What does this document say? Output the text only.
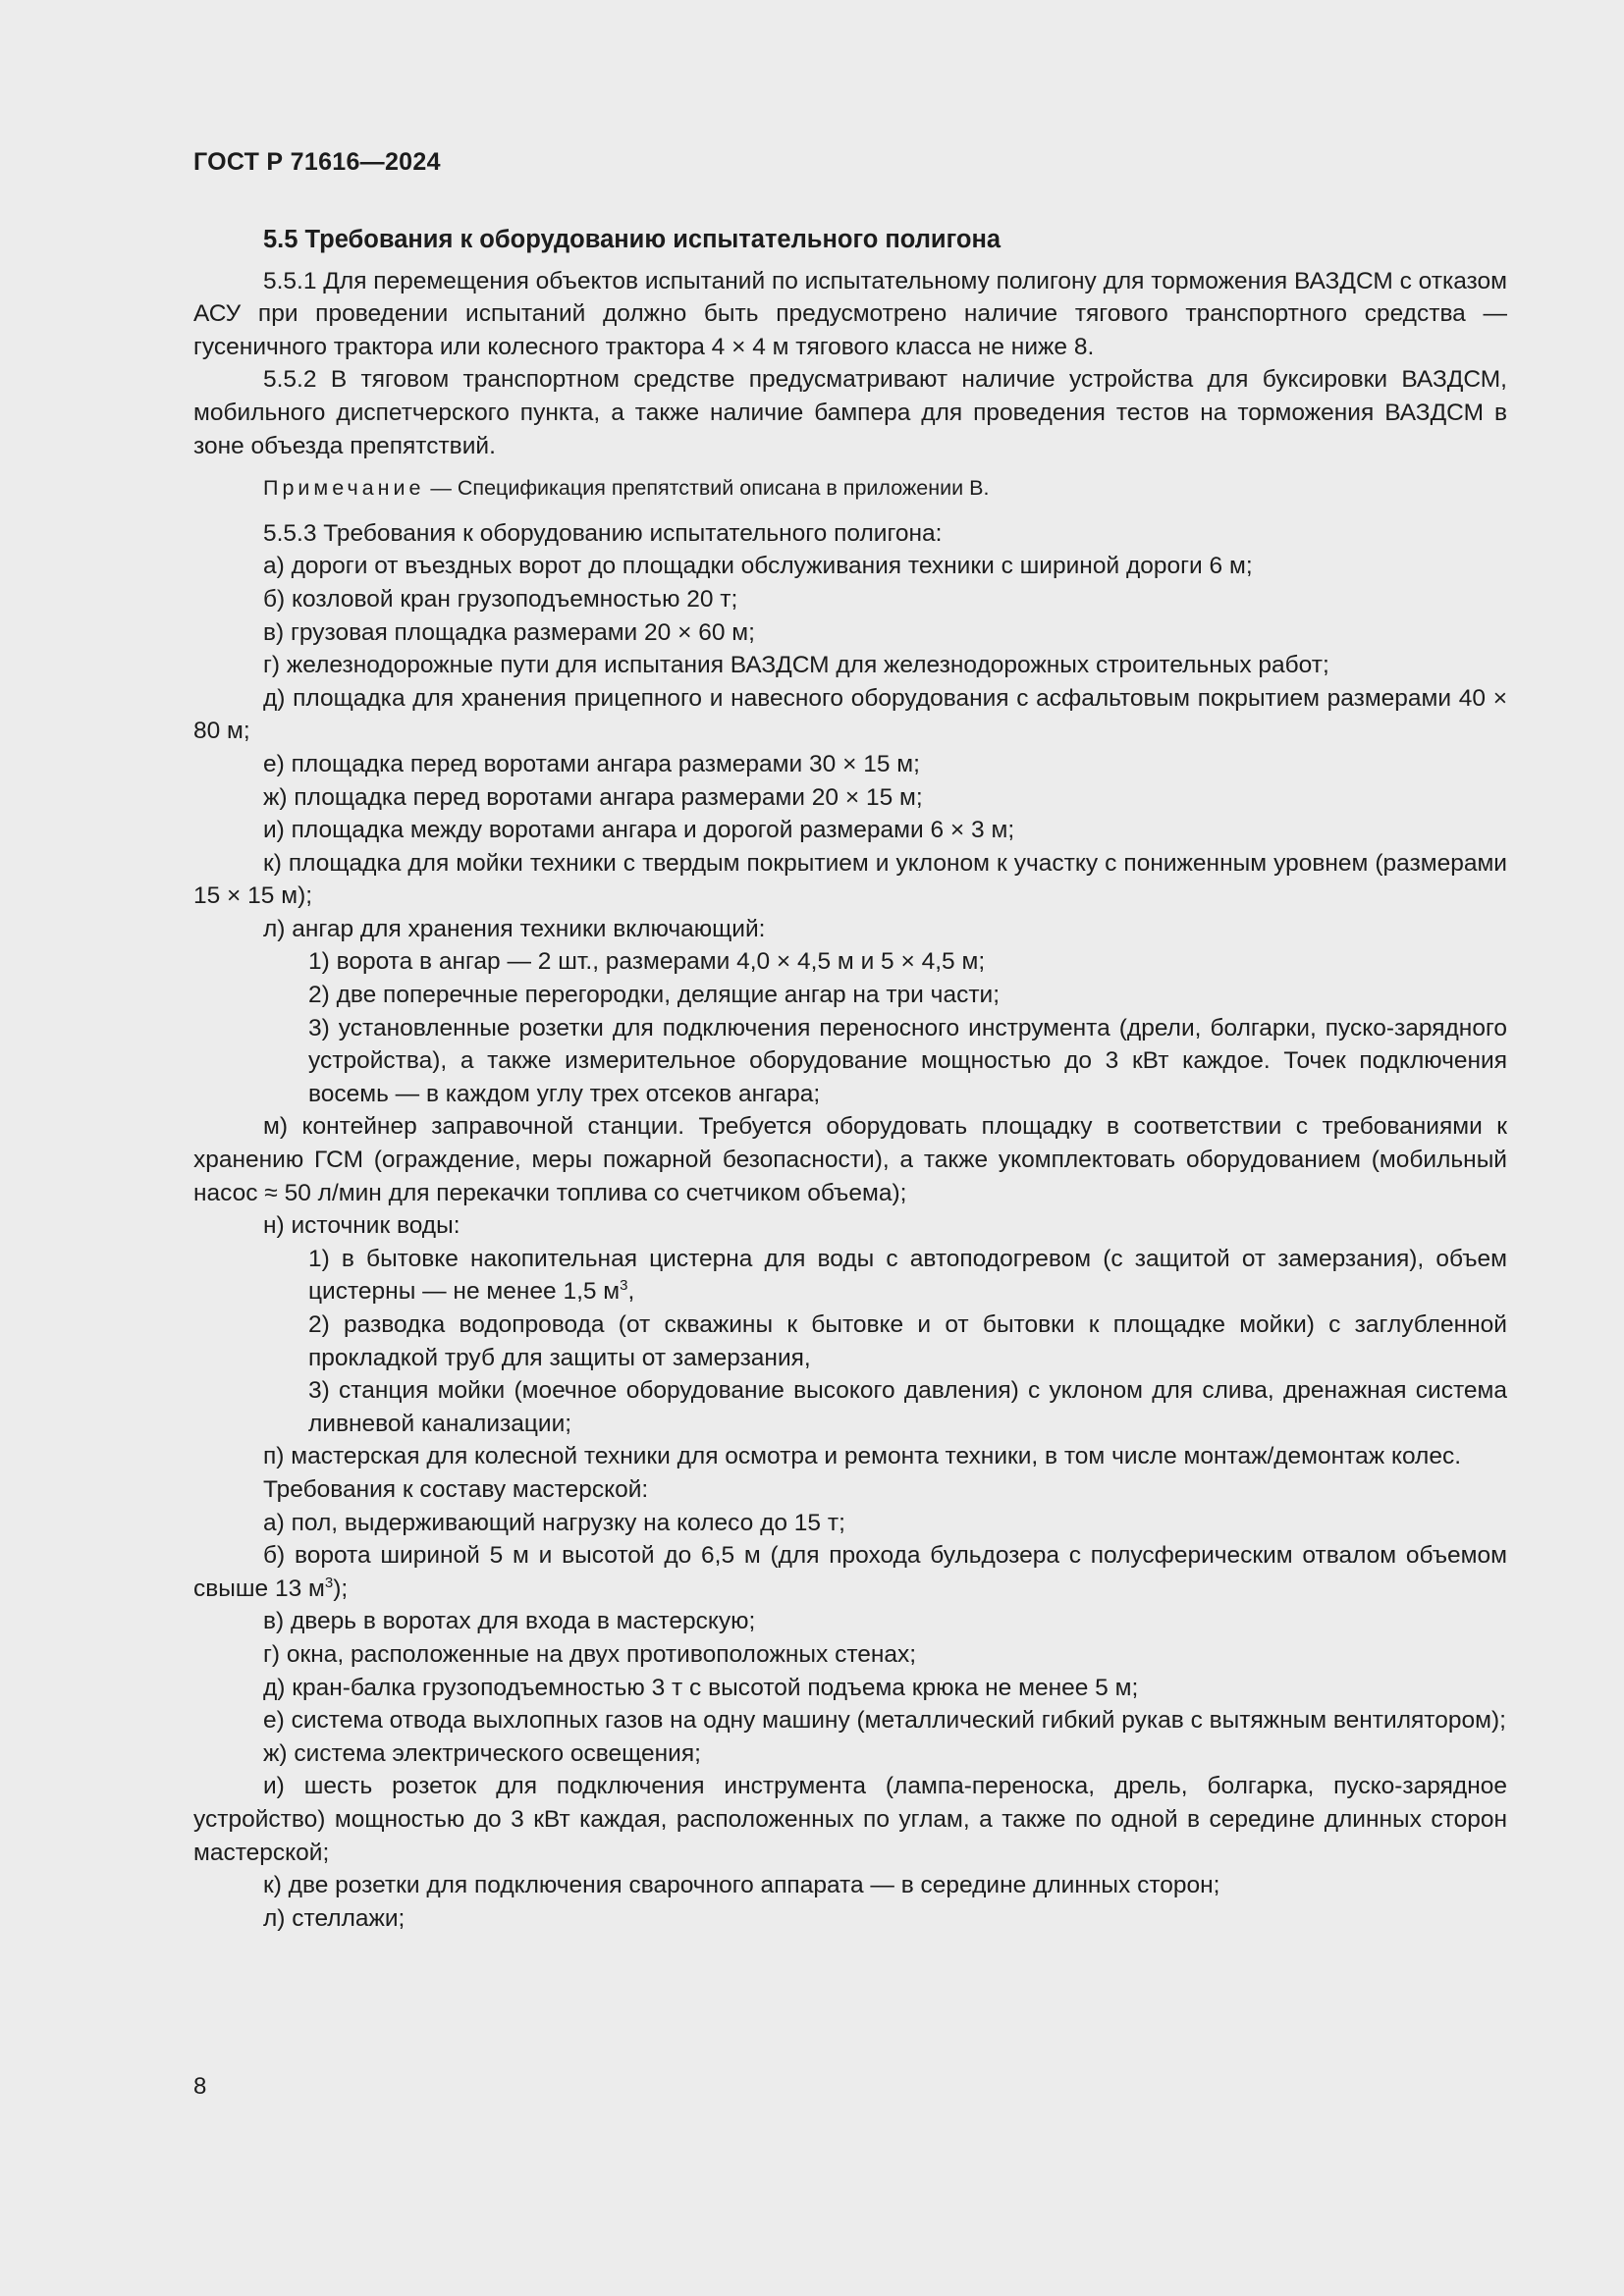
ГОСТ Р 71616—2024

5.5 Требования к оборудованию испытательного полигона

5.5.1 Для перемещения объектов испытаний по испытательному полигону для торможения ВАЗДСМ с отказом АСУ при проведении испытаний должно быть предусмотрено наличие тягового транспортного средства — гусеничного трактора или колесного трактора 4 × 4 м тягового класса не ниже 8.

5.5.2 В тяговом транспортном средстве предусматривают наличие устройства для буксировки ВАЗДСМ, мобильного диспетчерского пункта, а также наличие бампера для проведения тестов на торможения ВАЗДСМ в зоне объезда препятствий.

Примечание — Спецификация препятствий описана в приложении В.

5.5.3 Требования к оборудованию испытательного полигона:

а) дороги от въездных ворот до площадки обслуживания техники с шириной дороги 6 м;

б) козловой кран грузоподъемностью 20 т;

в) грузовая площадка размерами 20 × 60 м;

г) железнодорожные пути для испытания ВАЗДСМ для железнодорожных строительных работ;

д) площадка для хранения прицепного и навесного оборудования с асфальтовым покрытием размерами 40 × 80 м;

е) площадка перед воротами ангара размерами 30 × 15 м;

ж) площадка перед воротами ангара размерами 20 × 15 м;

и) площадка между воротами ангара и дорогой размерами 6 × 3 м;

к) площадка для мойки техники с твердым покрытием и уклоном к участку с пониженным уровнем (размерами 15 × 15 м);

л) ангар для хранения техники включающий:

1) ворота в ангар — 2 шт., размерами 4,0 × 4,5 м и 5 × 4,5 м;

2) две поперечные перегородки, делящие ангар на три части;

3) установленные розетки для подключения переносного инструмента (дрели, болгарки, пуско-зарядного устройства), а также измерительное оборудование мощностью до 3 кВт каждое. Точек подключения восемь — в каждом углу трех отсеков ангара;

м) контейнер заправочной станции. Требуется оборудовать площадку в соответствии с требованиями к хранению ГСМ (ограждение, меры пожарной безопасности), а также укомплектовать оборудованием (мобильный насос ≈ 50 л/мин для перекачки топлива со счетчиком объема);

н) источник воды:

1) в бытовке накопительная цистерна для воды с автоподогревом (с защитой от замерзания), объем цистерны — не менее 1,5 $м^3$,

2) разводка водопровода (от скважины к бытовке и от бытовки к площадке мойки) с заглубленной прокладкой труб для защиты от замерзания,

3) станция мойки (моечное оборудование высокого давления) с уклоном для слива, дренажная система ливневой канализации;

п) мастерская для колесной техники для осмотра и ремонта техники, в том числе монтаж/демонтаж колес.

Требования к составу мастерской:

а) пол, выдерживающий нагрузку на колесо до 15 т;

б) ворота шириной 5 м и высотой до 6,5 м (для прохода бульдозера с полусферическим отвалом объемом свыше 13 $м^3$);

в) дверь в воротах для входа в мастерскую;

г) окна, расположенные на двух противоположных стенах;

д) кран-балка грузоподъемностью 3 т с высотой подъема крюка не менее 5 м;

е) система отвода выхлопных газов на одну машину (металлический гибкий рукав с вытяжным вентилятором);

ж) система электрического освещения;

и) шесть розеток для подключения инструмента (лампа-переноска, дрель, болгарка, пуско-зарядное устройство) мощностью до 3 кВт каждая, расположенных по углам, а также по одной в середине длинных сторон мастерской;

к) две розетки для подключения сварочного аппарата — в середине длинных сторон;

л) стеллажи;

8
